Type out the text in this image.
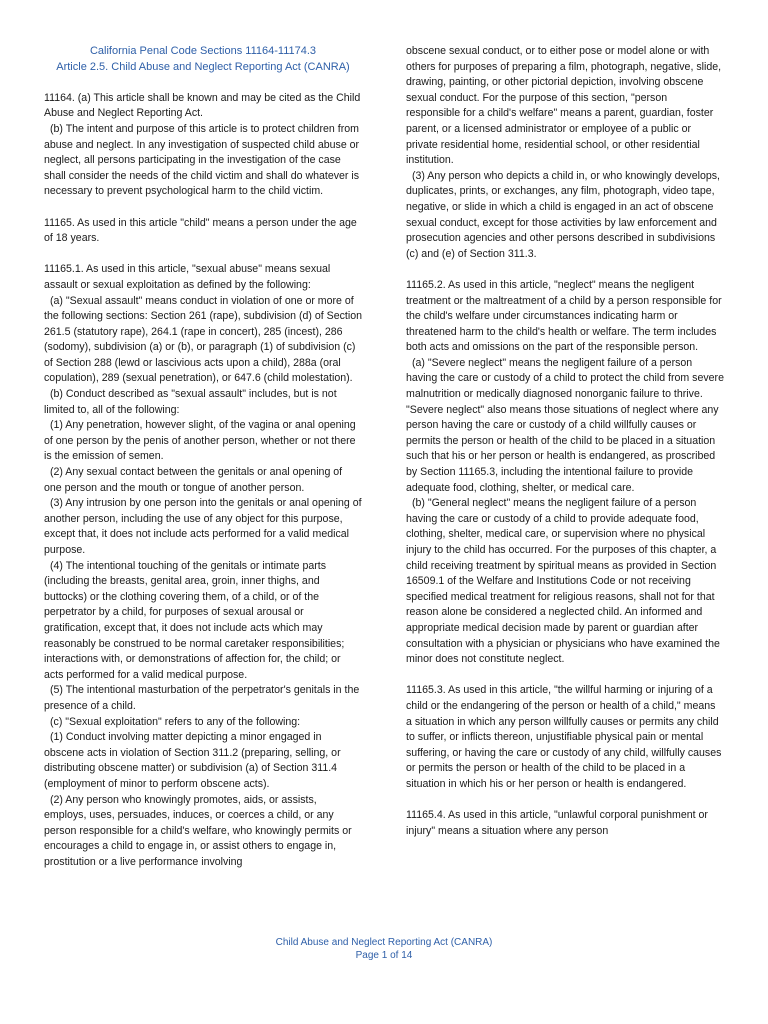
California Penal Code Sections 11164-11174.3
Article 2.5. Child Abuse and Neglect Reporting Act (CANRA)

11164. (a) This article shall be known and may be cited as the Child Abuse and Neglect Reporting Act.

(b) The intent and purpose of this article is to protect children from abuse and neglect. In any investigation of suspected child abuse or neglect, all persons participating in the investigation of the case shall consider the needs of the child victim and shall do whatever is necessary to prevent psychological harm to the child victim.

11165. As used in this article "child" means a person under the age of 18 years.

11165.1. As used in this article, "sexual abuse" means sexual assault or sexual exploitation as defined by the following:

(a) "Sexual assault" means conduct in violation of one or more of the following sections: Section 261 (rape), subdivision (d) of Section 261.5 (statutory rape), 264.1 (rape in concert), 285 (incest), 286 (sodomy), subdivision (a) or (b), or paragraph (1) of subdivision (c) of Section 288 (lewd or lascivious acts upon a child), 288a (oral copulation), 289 (sexual penetration), or 647.6 (child molestation).

(b) Conduct described as "sexual assault" includes, but is not limited to, all of the following:

(1) Any penetration, however slight, of the vagina or anal opening of one person by the penis of another person, whether or not there is the emission of semen.

(2) Any sexual contact between the genitals or anal opening of one person and the mouth or tongue of another person.

(3) Any intrusion by one person into the genitals or anal opening of another person, including the use of any object for this purpose, except that, it does not include acts performed for a valid medical purpose.

(4) The intentional touching of the genitals or intimate parts (including the breasts, genital area, groin, inner thighs, and buttocks) or the clothing covering them, of a child, or of the perpetrator by a child, for purposes of sexual arousal or gratification, except that, it does not include acts which may reasonably be construed to be normal caretaker responsibilities; interactions with, or demonstrations of affection for, the child; or acts performed for a valid medical purpose.

(5) The intentional masturbation of the perpetrator's genitals in the presence of a child.

(c) "Sexual exploitation" refers to any of the following:

(1) Conduct involving matter depicting a minor engaged in obscene acts in violation of Section 311.2 (preparing, selling, or distributing obscene matter) or subdivision (a) of Section 311.4 (employment of minor to perform obscene acts).

(2) Any person who knowingly promotes, aids, or assists, employs, uses, persuades, induces, or coerces a child, or any person responsible for a child's welfare, who knowingly permits or encourages a child to engage in, or assist others to engage in, prostitution or a live performance involving

obscene sexual conduct, or to either pose or model alone or with others for purposes of preparing a film, photograph, negative, slide, drawing, painting, or other pictorial depiction, involving obscene sexual conduct. For the purpose of this section, "person responsible for a child's welfare" means a parent, guardian, foster parent, or a licensed administrator or employee of a public or private residential home, residential school, or other residential institution.

(3) Any person who depicts a child in, or who knowingly develops, duplicates, prints, or exchanges, any film, photograph, video tape, negative, or slide in which a child is engaged in an act of obscene sexual conduct, except for those activities by law enforcement and prosecution agencies and other persons described in subdivisions (c) and (e) of Section 311.3.

11165.2. As used in this article, "neglect" means the negligent treatment or the maltreatment of a child by a person responsible for the child's welfare under circumstances indicating harm or threatened harm to the child's health or welfare. The term includes both acts and omissions on the part of the responsible person.

(a) "Severe neglect" means the negligent failure of a person having the care or custody of a child to protect the child from severe malnutrition or medically diagnosed nonorganic failure to thrive. "Severe neglect" also means those situations of neglect where any person having the care or custody of a child willfully causes or permits the person or health of the child to be placed in a situation such that his or her person or health is endangered, as proscribed by Section 11165.3, including the intentional failure to provide adequate food, clothing, shelter, or medical care.

(b) "General neglect" means the negligent failure of a person having the care or custody of a child to provide adequate food, clothing, shelter, medical care, or supervision where no physical injury to the child has occurred. For the purposes of this chapter, a child receiving treatment by spiritual means as provided in Section 16509.1 of the Welfare and Institutions Code or not receiving specified medical treatment for religious reasons, shall not for that reason alone be considered a neglected child. An informed and appropriate medical decision made by parent or guardian after consultation with a physician or physicians who have examined the minor does not constitute neglect.

11165.3. As used in this article, "the willful harming or injuring of a child or the endangering of the person or health of a child," means a situation in which any person willfully causes or permits any child to suffer, or inflicts thereon, unjustifiable physical pain or mental suffering, or having the care or custody of any child, willfully causes or permits the person or health of the child to be placed in a situation in which his or her person or health is endangered.

11165.4. As used in this article, "unlawful corporal punishment or injury" means a situation where any person

Child Abuse and Neglect Reporting Act (CANRA)
Page 1 of 14
